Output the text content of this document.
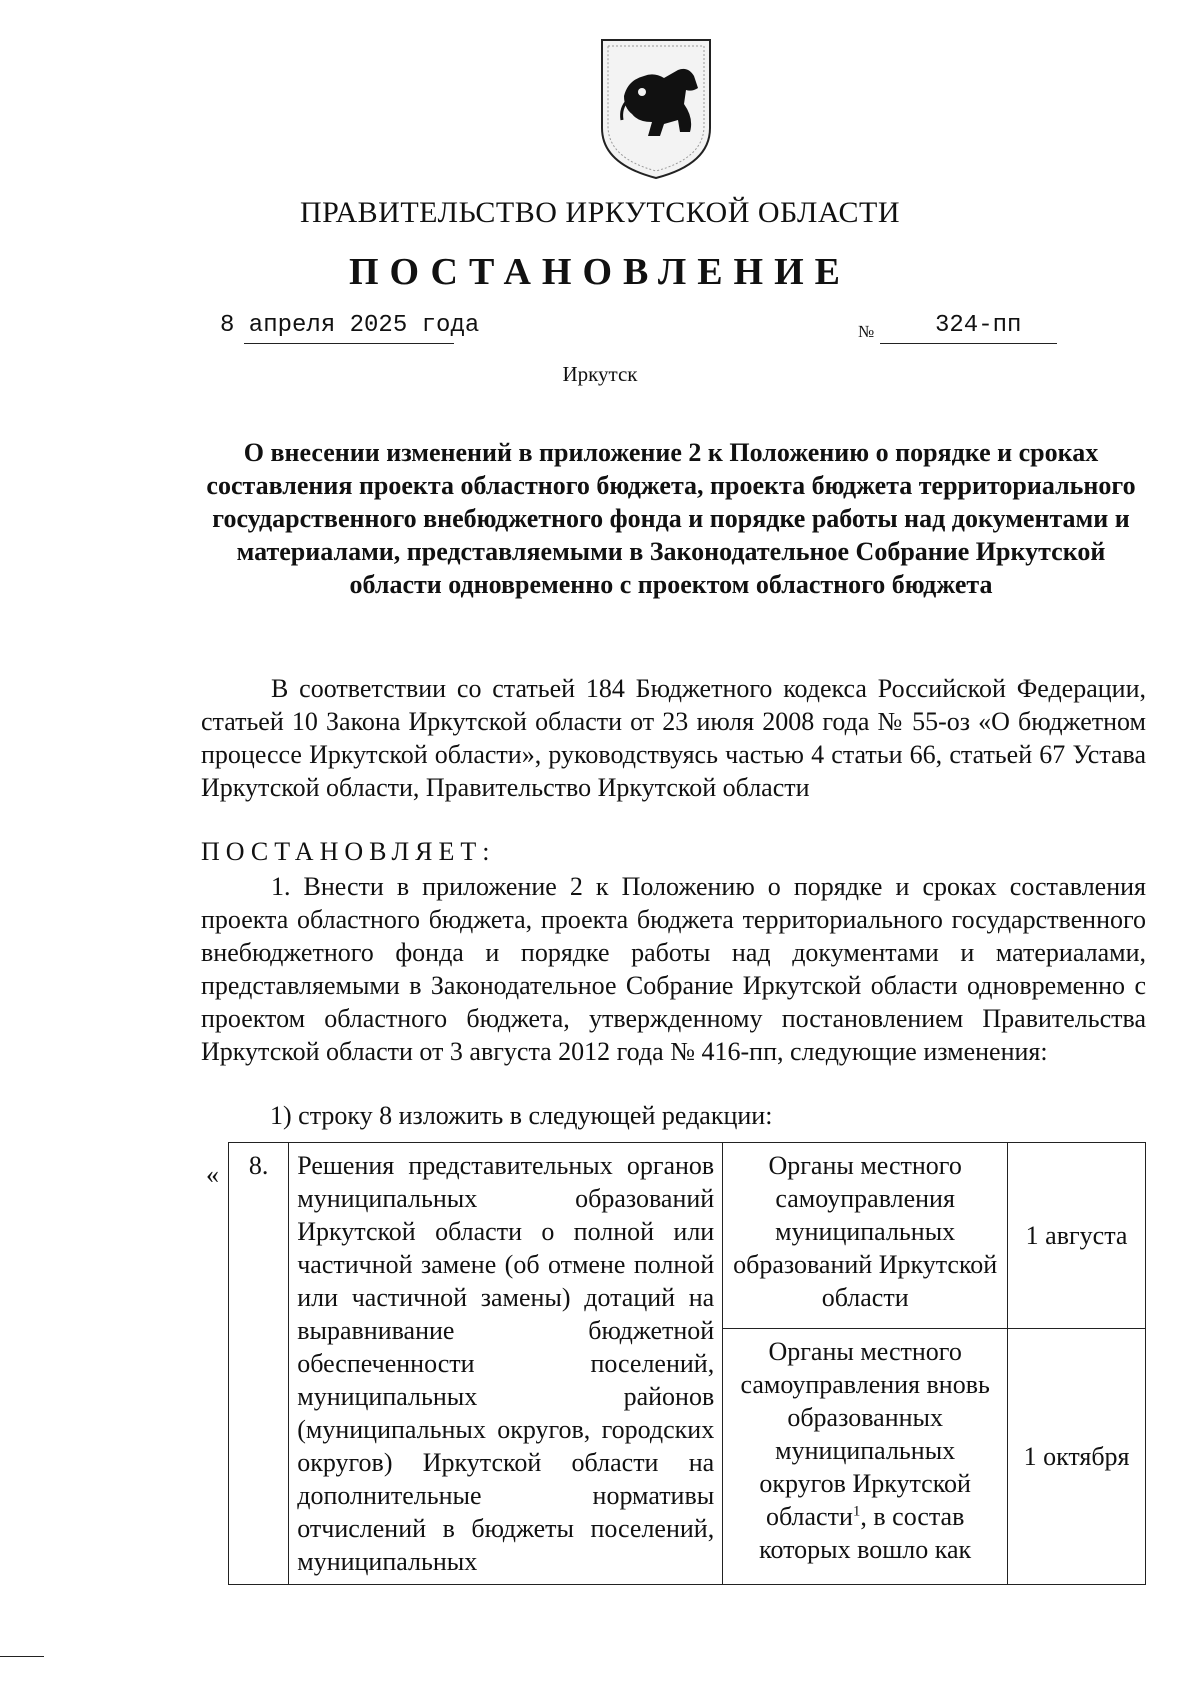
ПРАВИТЕЛЬСТВО ИРКУТСКОЙ ОБЛАСТИ
ПОСТАНОВЛЕНИЕ
8 апреля 2025 года	№	324-пп
Иркутск
О внесении изменений в приложение 2 к Положению о порядке и сроках составления проекта областного бюджета, проекта бюджета территориального государственного внебюджетного фонда и порядке работы над документами и материалами, представляемыми в Законодательное Собрание Иркутской области одновременно с проектом областного бюджета
В соответствии со статьей 184 Бюджетного кодекса Российской Федерации, статьей 10 Закона Иркутской области от 23 июля 2008 года № 55-оз «О бюджетном процессе Иркутской области», руководствуясь частью 4 статьи 66, статьей 67 Устава Иркутской области, Правительство Иркутской области
ПОСТАНОВЛЯЕТ:
1. Внести в приложение 2 к Положению о порядке и сроках составления проекта областного бюджета, проекта бюджета территориального государственного внебюджетного фонда и порядке работы над документами и материалами, представляемыми в Законодательное Собрание Иркутской области одновременно с проектом областного бюджета, утвержденному постановлением Правительства Иркутской области от 3 августа 2012 года № 416-пп, следующие изменения:
1) строку 8 изложить в следующей редакции:
« 8.	Решения представительных органов муниципальных образований Иркутской области о полной или частичной замене (об отмене полной или частичной замены) дотаций на выравнивание бюджетной обеспеченности поселений, муниципальных районов (муниципальных округов, городских округов) Иркутской области на дополнительные нормативы отчислений в бюджеты поселений, муниципальных	Органы местного самоуправления муниципальных образований Иркутской области	1 августа
		Органы местного самоуправления вновь образованных муниципальных округов Иркутской области$^1$, в состав которых вошло как	1 октября
